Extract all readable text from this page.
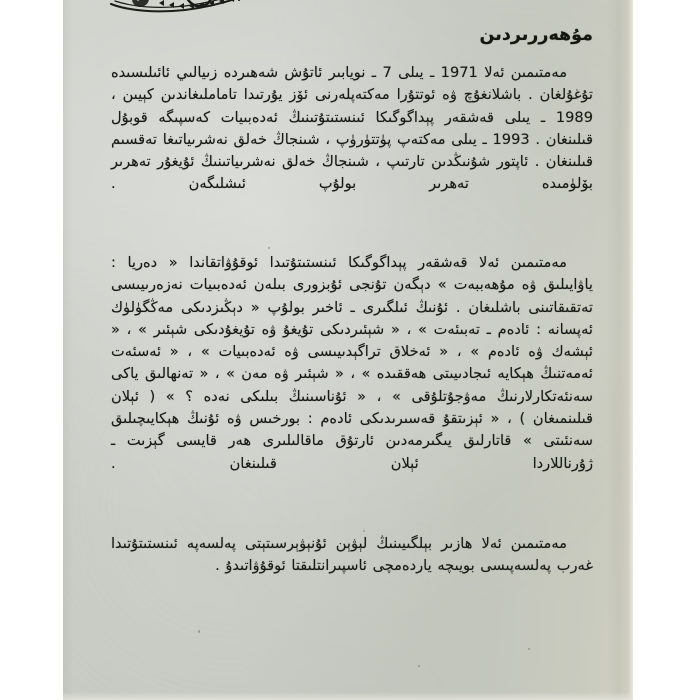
مۇھەررىردىن

مەمتىمىن ئەلا 1971 ـ يىلى 7 ـ نويابىر ئاتۇش شەھىردە زىيالىي ئائىلىسىدە تۇغۇلغان . باشلانغۇچ ۋە ئوتتۇرا مەكتەپلەرنى ئۆز يۇرتىدا تاماملىغاندىن كېيىن ، 1989 ـ يىلى قەشقەر پېداگوگىكا ئىنستىتۇتىنىڭ ئەدەبىيات كەسپىگە قوبۇل قىلىنغان . 1993 ـ يىلى مەكتەپ پۈتتۈرۈپ ، شىنجاڭ خەلق نەشرىياتىغا تەقسىم قىلىنغان . ئاپتور شۇنىڭدىن تارتىپ ، شىنجاڭ خەلق نەشرىياتىنىڭ ئۇيغۇر تەھرىر بۆلۈمىدە تەھرىر بولۇپ ئىشلىگەن .

مەمتىمىن ئەلا قەشقەر پېداگوگىكا ئىنستىتۇتىدا ئوقۇۋاتقاندا « دەريا : ياۋايىلىق ۋە مۇھەببەت » دېگەن تۇنجى ئۇبزورى بىلەن ئەدەبىيات نەزەرىيىسى تەتقىقاتىنى باشلىغان . ئۇنىڭ ئىلگىرى ـ ئاخىر بولۇپ « دېڭىزدىكى مەڭگۈلۈك ئەپسانە : ئادەم ـ تەبىئەت » ، « شېئىردىكى تۇيغۇ ۋە تۇيغۇدىكى شېئىر » ، « ئېشەك ۋە ئادەم » ، « ئەخلاق تراگېدىيىسى ۋە ئەدەبىيات » ، « ئەسئەت ئەمەتنىڭ ھېكايە ئىجادىيىتى ھەققىدە » ، « شېئىر ۋە مەن » ، « تەنھالىق ياكى سەنئەتكارلارنىڭ مەۋجۇتلۇقى » ، « ئۇناسىنىڭ بىلىكى نەدە ؟ » ( ئېلان قىلىنمىغان ) ، « ئېزىتقۇ قەسىرىدىكى ئادەم : بورخىس ۋە ئۇنىڭ ھېكايىچىلىق سەنئىتى » قاتارلىق يىگىرمەدىن ئارتۇق ماقالىلىرى ھەر قايسى گېزىت ـ ژۇرناللاردا ئېلان قىلىنغان .

مەمتىمىن ئەلا ھازىر بېلگىيىنىڭ لېۋېن ئۇنېۋېرسىتېتى پەلسەپە ئىنستىتۇتىدا غەرب پەلسەپىسى بويىچە ياردەمچى ئاسپىرانتلىقتا ئوقۇۋاتىدۇ .
